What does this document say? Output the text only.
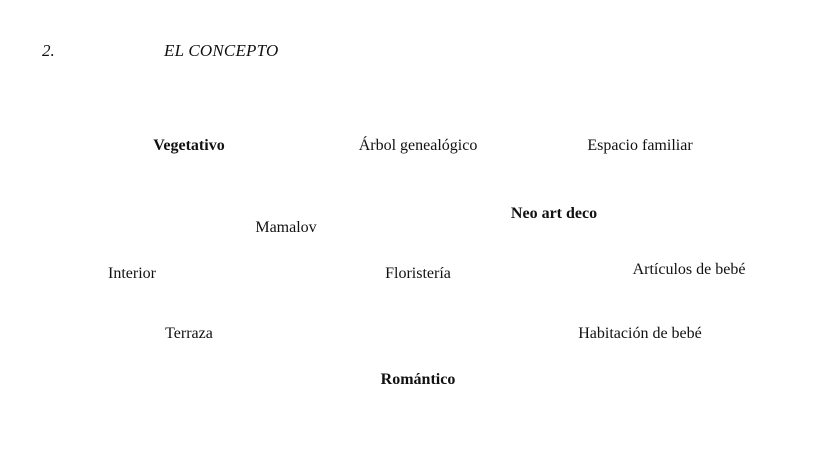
2.	EL CONCEPTO
Vegetativo	Árbol genealógico	Espacio familiar
Neo art deco
Mamalov
Interior	Floristería	Artículos de bebé
Terraza	Habitación de bebé
Romántico
